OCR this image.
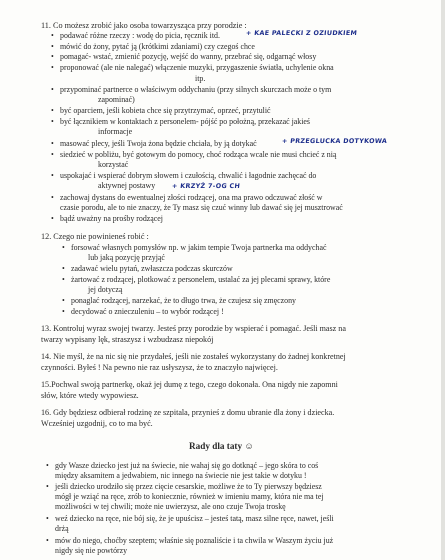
11. Co możesz zrobić jako osoba towarzysząca przy porodzie :
• podawać różne rzeczy : wodę do picia, ręcznik itd.	+ KAE PALECKI Z OZIUDKIEM
• mówić do żony, pytać ją (krótkimi zdaniami) czy czegoś chce
• pomagać- wstać, zmienić pozycję, wejść do wanny, przebrać się, odgarnąć włosy
• proponować (ale nie nalegać) włączenie muzyki, przygaszenie światła, uchylenie okna
itp.
• przypominać partnerce o właściwym oddychaniu (przy silnych skurczach może o tym
zapominać)
• być oparciem, jeśli kobieta chce się przytrzymać, oprzeć, przytulić
• być łącznikiem w kontaktach z personelem- pójść po położną, przekazać jakieś
informacje
• masować plecy, jeśli Twoja żona będzie chciała, by ją dotykać	+ PRZEGLUCKA DOTYKOWA
• siedzieć w pobliżu, być gotowym do pomocy, choć rodząca wcale nie musi chcieć z nią
korzystać
• uspokajać i wspierać dobrym słowem i czułością, chwalić i łagodnie zachęcać do
aktywnej postawy	+ KRZYŻ 7-OG CH
• zachowaj dystans do ewentualnej złości rodzącej, ona ma prawo odczuwać złość w
czasie porodu, ale to nie znaczy, że Ty masz się czuć winny lub dawać się jej musztrować
• bądź uważny na prośby rodzącej
12. Czego nie powinieneś robić :
• forsować własnych pomysłów np. w jakim tempie Twoja partnerka ma oddychać
lub jaką pozycję przyjąć
• zadawać wielu pytań, zwłaszcza podczas skurczów
• żartować z rodzącej, plotkować z personelem, ustalać za jej plecami sprawy, które
jej dotyczą
• ponaglać rodzącej, narzekać, że to długo trwa, że czujesz się zmęczony
• decydować o znieczuleniu – to wybór rodzącej !
13. Kontroluj wyraz swojej twarzy. Jesteś przy porodzie by wspierać i pomagać. Jeśli masz na
twarzy wypisany lęk, straszysz i wzbudzasz niepokój
14. Nie myśl, że na nic się nie przydałeś, jeśli nie zostałeś wykorzystany do żadnej konkretnej
czynności. Byłeś ! Na pewno nie raz usłyszysz, że to znaczyło najwięcej.
15.Pochwal swoją partnerkę, okaż jej dumę z tego, czego dokonała. Ona nigdy nie zapomni
słów, które wtedy wypowiesz.
16. Gdy będziesz odbierał rodzinę ze szpitala, przynieś z domu ubranie dla żony i dziecka.
Wcześniej uzgodnij, co to ma być.
Rady dla taty ☺
• gdy Wasze dziecko jest już na świecie, nie wahaj się go dotknąć – jego skóra to coś
między aksamitem a jedwabiem, nic innego na świecie nie jest takie w dotyku !
• jeśli dziecko urodziło się przez cięcie cesarskie, możliwe że to Ty pierwszy będziesz
mógł je wziąć na ręce, zrób to koniecznie, również w imieniu mamy, która nie ma tej
możliwości w tej chwili; może nie uwierzysz, ale ono czuje Twoja troskę
• weź dziecko na ręce, nie bój się, że je upuścisz – jesteś tatą, masz silne ręce, nawet, jeśli
drżą
• mów do niego, choćby szeptem; właśnie się poznaliście i ta chwila w Waszym życiu już
nigdy się nie powtórzy
